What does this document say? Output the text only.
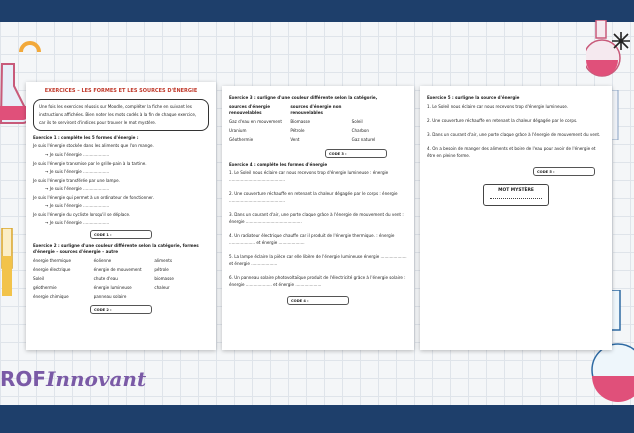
EXERCICES – LES FORMES ET LES SOURCES D'ÉNERGIE
Une fois les exercices réussis sur Moodle, compléter la fiche en suivant les instructions affichées. Bien noter les mots codés à la fin de chaque exercice, car ils te serviront d'indices pour trouver le mot mystère.
Exercice 1 : compléte les 5 formes d'énergie :
Je suis l'énergie stockée dans les aliments que l'on mange.
→ Je suis l'énergie ....................
Je suis l'énergie transmise par le grille-pain à la tartine.
→ Je suis l'énergie ....................
Je suis l'énergie transférée par une lampe.
→ Je suis l'énergie ....................
Je suis l'énergie qui permet à un ordinateur de fonctionner.
→ Je suis l'énergie ....................
Je suis l'énergie du cycliste lorsqu'il se déplace.
→ Je suis l'énergie ....................
CODE 1 :
Exercice 2 : surligne d'une couleur différente selon la catégorie, formes d'énergie – sources d'énergie – autre
énergie thermique	éolienne	aliments
énergie électrique	énergie de mouvement	pétrole
Soleil	chute d'eau	biomasse
géothermie	énergie lumineuse	chaleur
énergie chimique	panneau solaire
CODE 2 :
Exercice 3 : surligne d'une couleur différente selon la catégorie,
sources d'énergie renouvelables
sources d'énergie non renouvelables
Gaz d'eau en mouvement	Biomasse	Soleil
Uranium	Pétrole	Charbon
Géothermie	Vent	Gaz naturel
CODE 3 :
Exercice 4 : compléte les formes d'énergie
1. Le Soleil nous éclaire car nous recevons trop d'énergie lumineuse : énergie ...........................................
2. Une couverture réchauffe en retenant la chaleur dégagée par le corps : énergie ...........................................
3. Dans un courant d'air, une porte claque grâce à l'énergie de mouvement du vent : énergie ...........................................
4. Un radiateur électrique chauffe car il produit de l'énergie thermique. : énergie .................... et énergie ....................
5. La lampe éclaire la pièce car elle libère de l'énergie lumineuse énergie .................... et énergie ....................
6. Un panneau solaire photovoltaïque produit de l'électricité grâce à l'énergie solaire : énergie .................... et énergie ....................
CODE 4 :
Exercice 5 : surligne la source d'énergie
1. Le Soleil nous éclaire car nous recevons trop d'énergie lumineuse.
2. Une couverture réchauffe en retenant la chaleur dégagée par le corps.
3. Dans un courant d'air, une porte claque grâce à l'énergie de mouvement du vent.
4. On a besoin de manger des aliments et boire de l'eau pour avoir de l'énergie et être en pleine forme.
CODE 5 :
MOT MYSTÈRE
ROFInnovant
